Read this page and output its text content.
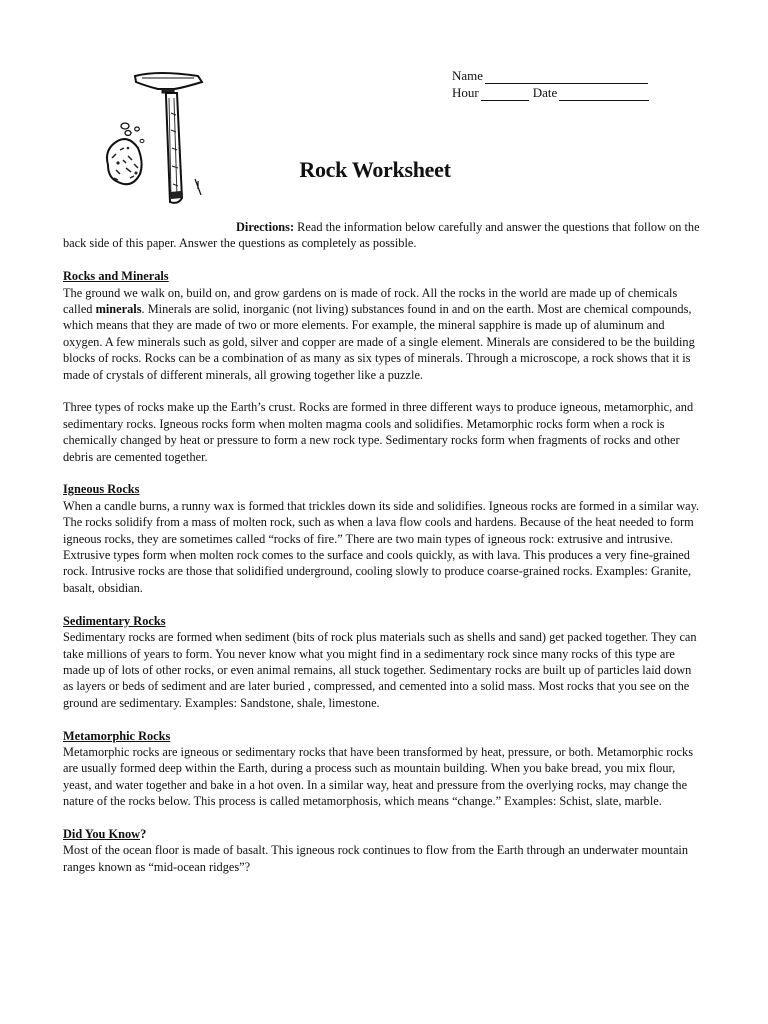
Name
Hour	Date
Rock Worksheet

Directions: Read the information below carefully and answer the questions that follow on the back side of this paper. Answer the questions as completely as possible.

Rocks and Minerals

The ground we walk on, build on, and grow gardens on is made of rock. All the rocks in the world are made up of chemicals called minerals. Minerals are solid, inorganic (not living) substances found in and on the earth. Most are chemical compounds, which means that they are made of two or more elements. For example, the mineral sapphire is made up of aluminum and oxygen. A few minerals such as gold, silver and copper are made of a single element. Minerals are considered to be the building blocks of rocks. Rocks can be a combination of as many as six types of minerals. Through a microscope, a rock shows that it is made of crystals of different minerals, all growing together like a puzzle.

Three types of rocks make up the Earth’s crust. Rocks are formed in three different ways to produce igneous, metamorphic, and sedimentary rocks. Igneous rocks form when molten magma cools and solidifies. Metamorphic rocks form when a rock is chemically changed by heat or pressure to form a new rock type. Sedimentary rocks form when fragments of rocks and other debris are cemented together.

Igneous Rocks

When a candle burns, a runny wax is formed that trickles down its side and solidifies. Igneous rocks are formed in a similar way. The rocks solidify from a mass of molten rock, such as when a lava flow cools and hardens. Because of the heat needed to form igneous rocks, they are sometimes called “rocks of fire.” There are two main types of igneous rock: extrusive and intrusive. Extrusive types form when molten rock comes to the surface and cools quickly, as with lava. This produces a very fine-grained rock. Intrusive rocks are those that solidified underground, cooling slowly to produce coarse-grained rocks. Examples: Granite, basalt, obsidian.

Sedimentary Rocks

Sedimentary rocks are formed when sediment (bits of rock plus materials such as shells and sand) get packed together. They can take millions of years to form. You never know what you might find in a sedimentary rock since many rocks of this type are made up of lots of other rocks, or even animal remains, all stuck together. Sedimentary rocks are built up of particles laid down as layers or beds of sediment and are later buried , compressed, and cemented into a solid mass. Most rocks that you see on the ground are sedimentary. Examples: Sandstone, shale, limestone.

Metamorphic Rocks

Metamorphic rocks are igneous or sedimentary rocks that have been transformed by heat, pressure, or both. Metamorphic rocks are usually formed deep within the Earth, during a process such as mountain building. When you bake bread, you mix flour, yeast, and water together and bake in a hot oven. In a similar way, heat and pressure from the overlying rocks, may change the nature of the rocks below. This process is called metamorphosis, which means “change.” Examples: Schist, slate, marble.

Did You Know?

Most of the ocean floor is made of basalt. This igneous rock continues to flow from the Earth through an underwater mountain ranges known as “mid-ocean ridges”?
